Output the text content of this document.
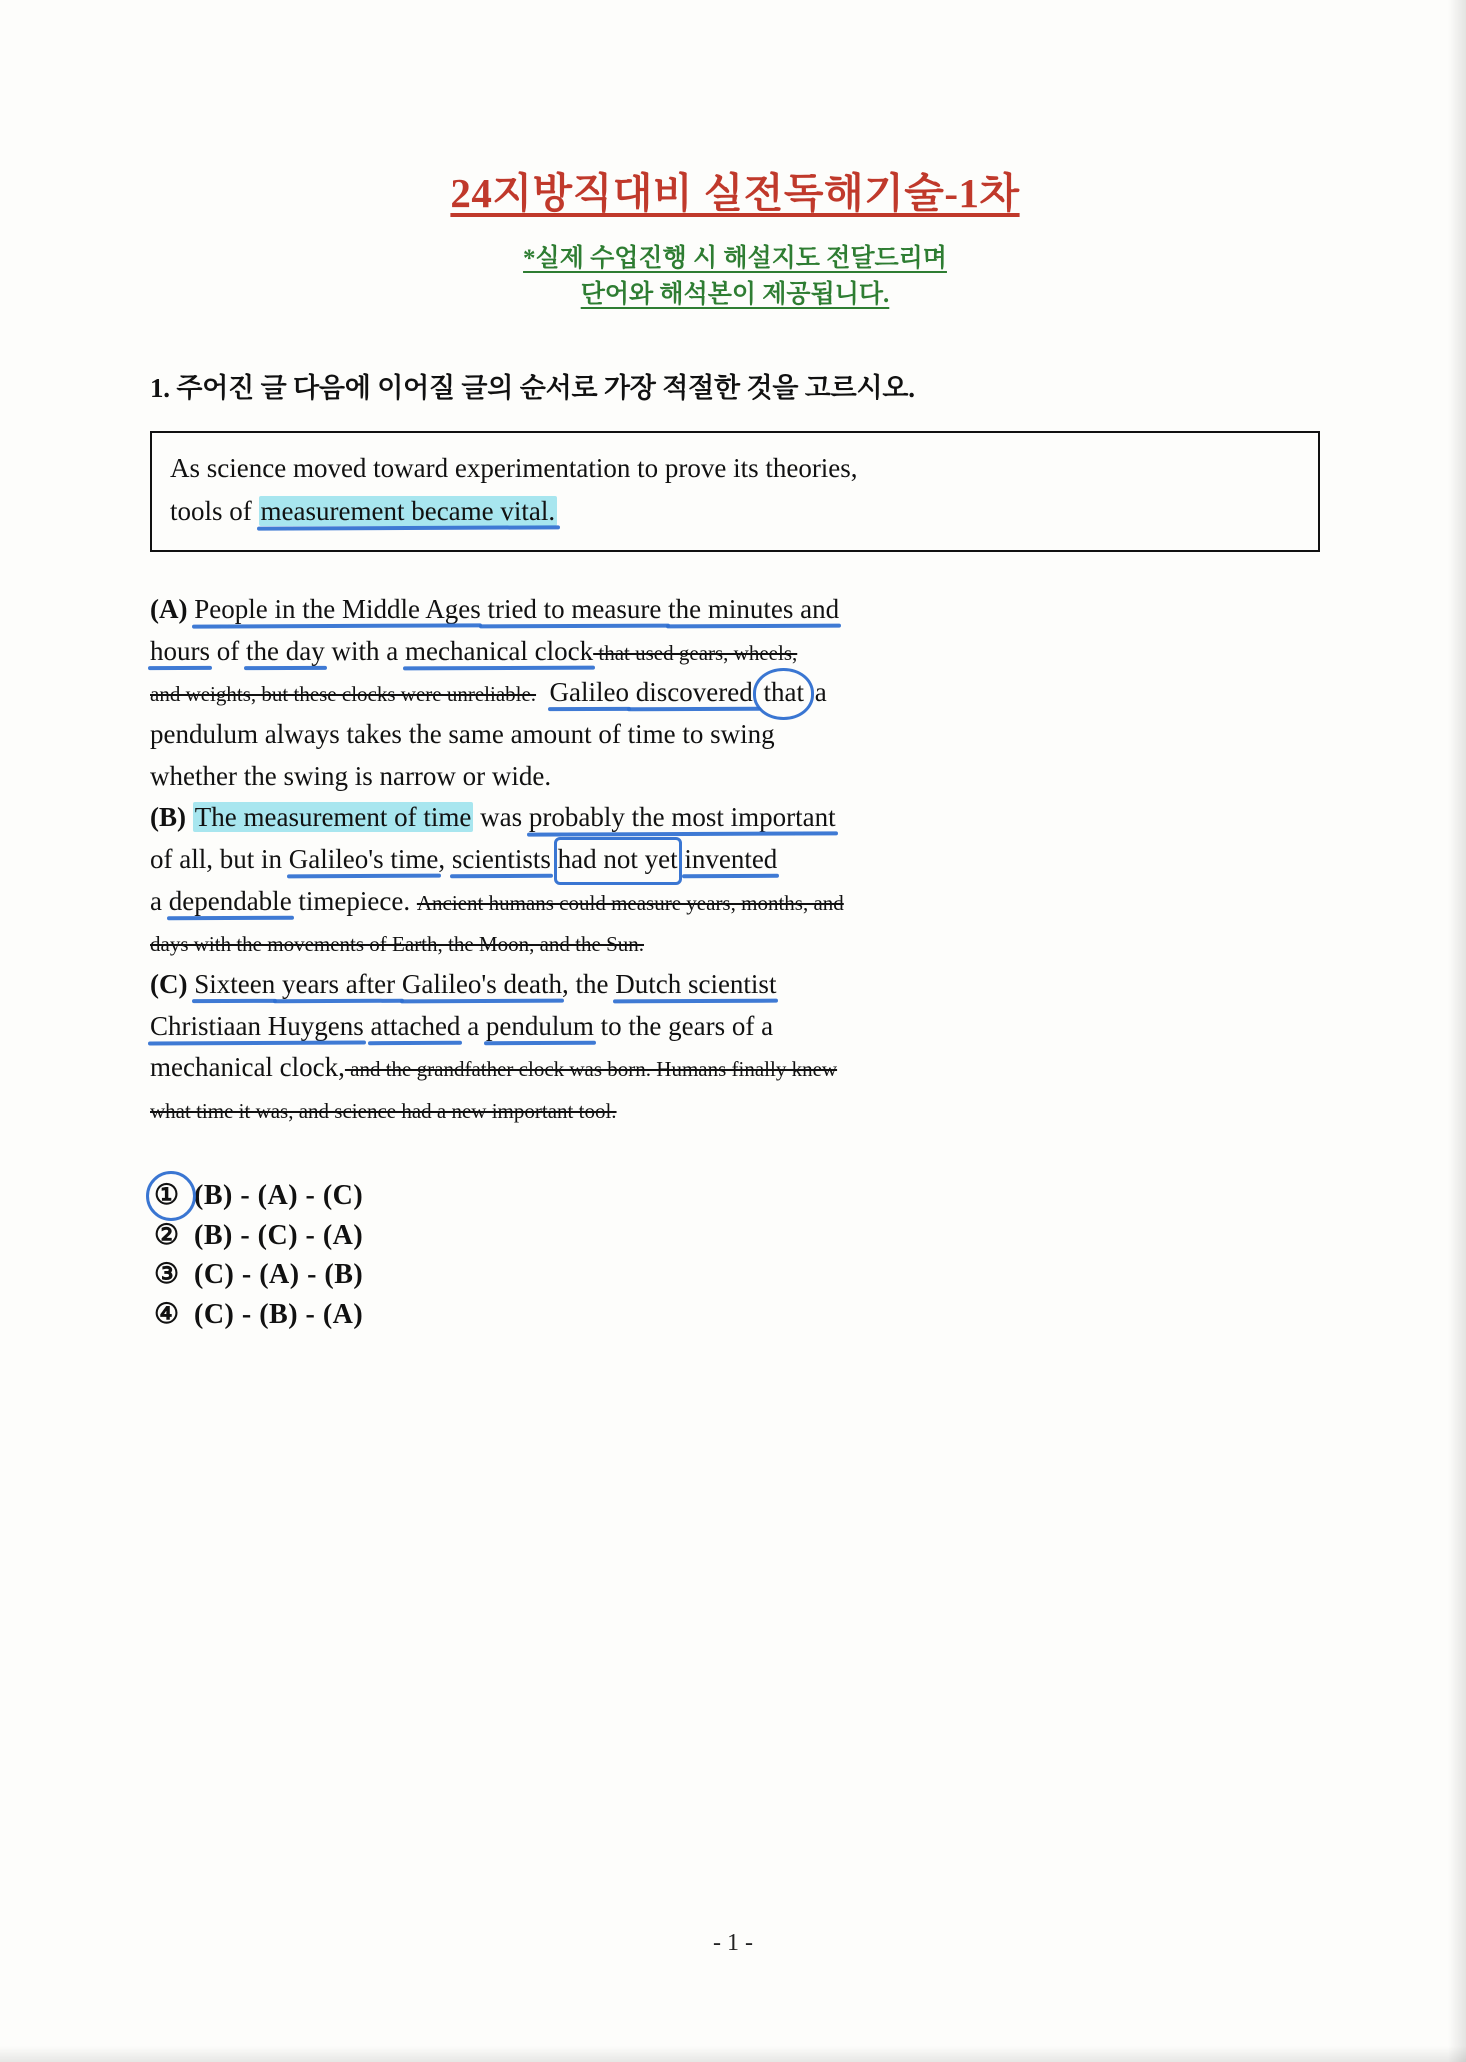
24지방직대비 실전독해기술-1차
*실제 수업진행 시 해설지도 전달드리며
단어와 해석본이 제공됩니다.
1. 주어진 글 다음에 이어질 글의 순서로 가장 적절한 것을 고르시오.
As science moved toward experimentation to prove its theories,
tools of measurement became vital.
(A) People in the Middle Ages tried to measure the minutes and
hours of the day with a mechanical clock that used gears, wheels,
and weights, but these clocks were unreliable. Galileo discovered that a
pendulum always takes the same amount of time to swing
whether the swing is narrow or wide.
(B) The measurement of time was probably the most important
of all, but in Galileo's time, scientists had not yet invented
a dependable timepiece. Ancient humans could measure years, months, and
days with the movements of Earth, the Moon, and the Sun.
(C) Sixteen years after Galileo's death, the Dutch scientist
Christiaan Huygens attached a pendulum to the gears of a
mechanical clock, and the grandfather clock was born. Humans finally knew
what time it was, and science had a new important tool.
① (B) - (A) - (C)
② (B) - (C) - (A)
③ (C) - (A) - (B)
④ (C) - (B) - (A)
- 1 -
